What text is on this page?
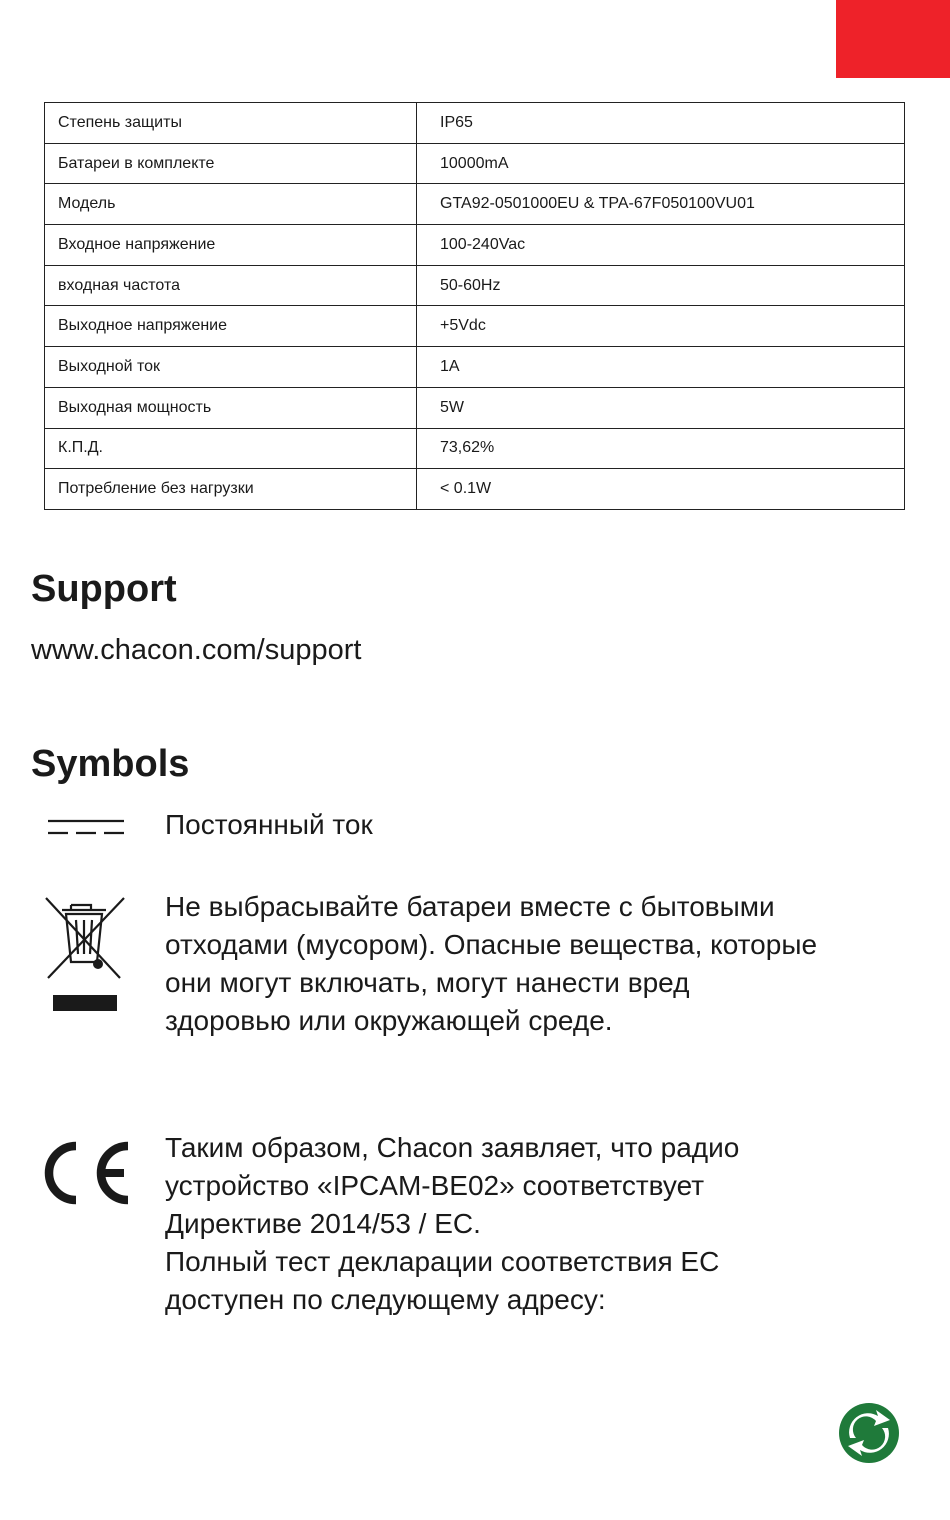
Степень защиты	IP65
Батареи в комплекте	10000mA
Модель	GTA92-0501000EU & TPA-67F050100VU01
Входное напряжение	100-240Vac
входная частота	50-60Hz
Выходное напряжение	+5Vdc
Выходной ток	1A
Выходная мощность	5W
К.П.Д.	73,62%
Потребление без нагрузки	< 0.1W
Support
www.chacon.com/support
Symbols
Постоянный ток
Не выбрасывайте батареи вместе с бытовыми
отходами (мусором). Опасные вещества, которые
они могут включать, могут нанести вред
здоровью или окружающей среде.
Таким образом, Chacon заявляет, что радио
устройство «IPCAM-BE02» соответствует
Директиве 2014/53 / EC.
Полный тест декларации соответствия ЕС
доступен по следующему адресу:
